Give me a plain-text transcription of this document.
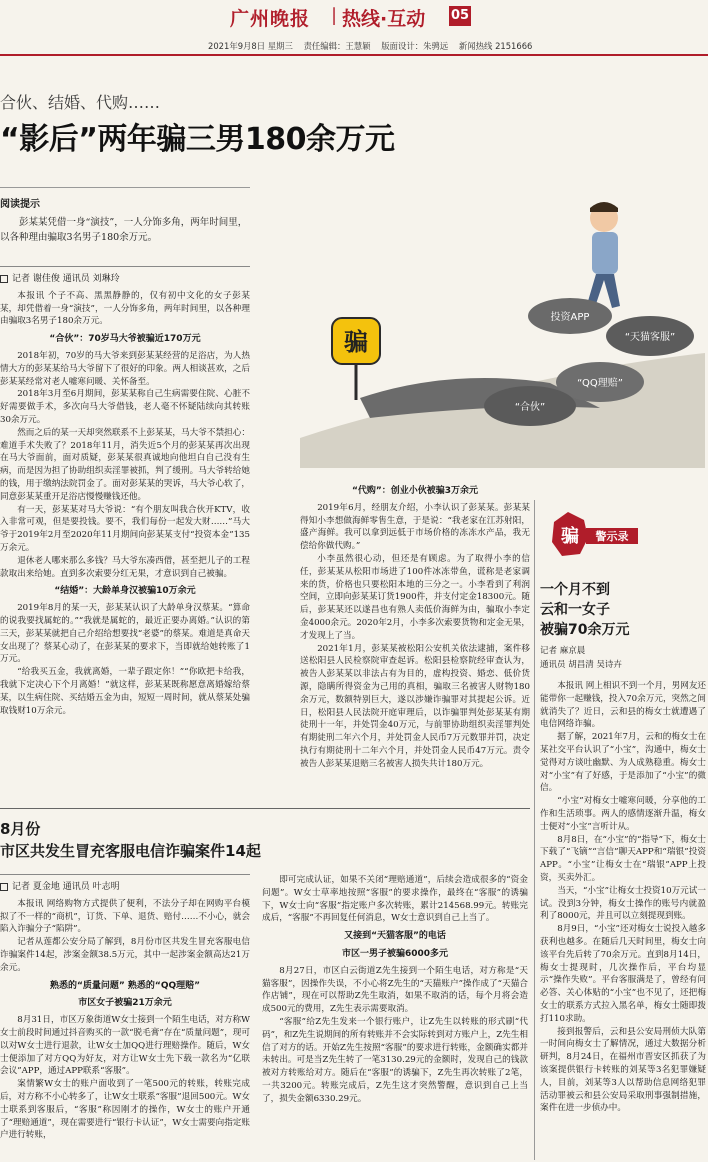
广州晚报 | 热线·互动 05
2021年9月8日 星期三 责任编辑：王慧颖 版面设计：朱骋远 新闻热线 2151666
合伙、结婚、代购……
“影后”两年骗三男180余万元
阅读提示
彭某某凭借一身“演技”，一人分饰多角，两年时间里，以各种理由骗取3名男子180余万元。
记者 谢佳俊 通讯员 刘琳玲

本报讯 个子不高、黑黑静静的，仅有初中文化的女子彭某某，却凭借着一身“演技”，一人分饰多角，两年时间里，以各种理由骗取3名男子180余万元。

“合伙”：70岁马大爷被骗近170万元

2018年初，70岁的马大爷来到彭某某经营的足浴店，为人热情大方的彭某某给马大爷留下了很好的印象。两人相谈甚欢，之后彭某某经常对老人嘘寒问暖、关怀备至。

2018年3月至6月期间，彭某某称自己生病需要住院、心脏不好需要做手术，多次向马大爷借钱，老人毫不怀疑陆续向其转账30余万元。

然而之后的某一天却突然联系不上彭某某，马大爷不禁担心：难道手术失败了？2018年11月，消失近5个月的彭某某再次出现在马大爷面前，面对质疑，彭某某很真诚地向他坦白自己没有生病，而是因为担了协助组织卖淫罪被抓，判了缓刑。马大爷转给她的钱，用于缴纳法院罚金了。面对彭某某的哭诉，马大爷心软了，同意彭某某重开足浴店慢慢赚钱还他。

有一天，彭某某对马大爷说：“有个朋友叫我合伙开KTV，收入非常可观，但是要投钱。要不，我们每份一起发大财……”马大爷于2019年2月至2020年11月期间向彭某某支付“投资本金”135万余元。

退休老人哪来那么多钱？马大爷东凑西借，甚至把儿子的工程款取出来给她。直到多次索要分红无果，才意识到自己被骗。

“结婚”：大龄单身汉被骗10万余元

2019年8月的某一天，彭某某认识了大龄单身汉蔡某。“算命的说我要找属蛇的。”“我就是属蛇的，最近正要办离婚。”认识的第三天，彭某某就把自己介绍给想要找“老婆”的蔡某。难道是真命天女出现了？蔡某心动了，在彭某某的要求下，当即就给她转账了1万元。

“给我买五金，我就离婚，一辈子跟定你！”“你欧把卡给我，我就下定决心下个月离婚！”就这样，彭某某既称愿意离婚嫁给蔡某，以生病住院、买结婚五金为由，短短一周时间，就从蔡某处骗取钱财10万余元。

骗
投资APP
“天猫客服”
“QQ理赔”
“合伙”
“代购”：创业小伙被骗3万余元

2019年6月，经朋友介绍，小李认识了彭某某。彭某某得知小李想做海鲜零售生意，于是说：“我老家在江苏射阳，盛产海鲜。我可以拿到远低于市场价格的冻冻水产品，我无偿给你做代购。”

小李虽然很心动，但还是有顾虑。为了取得小李的信任，彭某某从松阳市场进了100件冰冻带鱼，谎称是老家调来的货，价格也只要松阳本地的三分之一。小李看到了利润空间，立即向彭某某订货1900件，并支付定金18300元。随后，彭某某还以遂昌也有熟人卖低价海鲜为由，骗取小李定金4000余元。2020年2月，小李多次索要货物和定金无果，才发现上了当。

2021年1月，彭某某被松阳公安机关依法逮捕，案件移送松阳县人民检察院审查起诉。松阳县检察院经审查认为，被告人彭某某以非法占有为目的，虚构投资、婚恋、低价货源，隐瞒所得资金为己用的真相，骗取三名被害人财物180余万元，数额特别巨大，遂以涉嫌诈骗罪对其提起公诉。近日，松阳县人民法院开庭审理后，以诈骗罪判处彭某某有期徒刑十一年，并处罚金40万元，与前罪协助组织卖淫罪判处有期徒刑二年六个月，并处罚金人民币7万元数罪并罚，决定执行有期徒刑十二年六个月，并处罚金人民币47万元。责令被告人彭某某退赔三名被害人损失共计180万元。

骗 警示录
一个月不到
云和一女子
被骗70余万元
记者 麻京晨
通讯员 胡昌清 吴诗卉

本报讯 网上相识不到一个月，男网友还能带你一起赚钱，投入70余万元，突然之间就消失了？近日，云和县的梅女士就遭遇了电信网络诈骗。

据了解，2021年7月，云和的梅女士在某社交平台认识了“小宝”，沟通中，梅女士觉得对方谈吐幽默、为人成熟稳重。梅女士对“小宝”有了好感，于是添加了“小宝”的微信。

“小宝”对梅女士嘘寒问暖，分享他的工作和生活琐事。两人的感情逐渐升温，梅女士便对“小宝”言听计从。

8月8日，在“小宝”的“指导”下，梅女士下载了“飞镝”“言信”聊天APP和“瑞银”投资APP。“小宝”让梅女士在“瑞银”APP上投资，买卖外汇。

当天，“小宝”让梅女士投资10万元试一试。没到3分钟，梅女士操作的账号内就盈利了8000元，并且可以立刻提现到账。

8月9日，“小宝”还对梅女士说投入越多获利也越多。在随后几天时间里，梅女士向该平台先后转了70余万元。直到8月14日，梅女士提现时，几次操作后，平台均显示“操作失败”。平台客服满是了，曾经有问必答、关心体贴的“小宝”也不见了，还把梅女士的联系方式拉入黑名单，梅女士随即拨打110求助。

接到报警后，云和县公安局刑侦大队第一时间向梅女士了解情况，通过大数据分析研判，8月24日，在福州市晋安区抓获了为该案提供银行卡转账的刘某等3名犯罪嫌疑人，目前，刘某等3人以帮助信息网络犯罪活动罪被云和县公安局采取刑事强制措施，案件在进一步侦办中。

8月份
市区共发生冒充客服电信诈骗案件14起
记者 夏金地 通讯员 叶志明

本报讯 网络购物方式提供了便利，不法分子却在网购平台模拟了不一样的“商机”，订货、下单、退货、赔付……不小心，就会陷入诈骗分子“陷阱”。

记者从莲都公安分局了解到，8月份市区共发生冒充客服电信诈骗案件14起，涉案金额38.5万元，其中一起涉案金额高达21万余元。

熟悉的“质量问题” 熟悉的“QQ理赔”
市区女子被骗21万余元

8月31日，市区万象街道W女士接到一个陌生电话，对方称W女士前段时间通过抖音购买的一款“脱毛膏”存在“质量问题”，现可以对W女士进行退款，让W女士加QQ进行理赔操作。随后，W女士便添加了对方QQ为好友，对方让W女士先下载一款名为“亿联会议”APP，通过APP联系“客服”。

案情繁W女士的账户面收到了一笔500元的转账，转账完成后，对方称不小心转多了，让W女士联系“客服”退回500元。W女士联系到客服后，“客服”称因刚才的操作，W女士的账户开通了“理赔通道”，现在需要进行“银行卡认证”，W女士需要向指定账户进行转账，

即可完成认证，如果不关闭“理赔通道”，后续会造成很多的“资金问题”。W女士草率地按照“客服”的要求操作，最终在“客服”的诱骗下，W女士向“客服”指定账户多次转账，累计214568.99元。转账完成后，“客服”不再回复任何消息，W女士意识到自己上当了。

又接到“天猫客服”的电话
市区一男子被骗6000多元

8月27日，市区白云街道Z先生接到一个陌生电话，对方称是“天猫客服”，因操作失误，不小心将Z先生的“天猫账户”操作成了“天猫合作店铺”，现在可以帮助Z先生取消，如果不取消的话，每个月将会造成500元的费用，Z先生表示需要取消。

“客服”给Z先生发来一个银行账户，让Z先生以转账的形式刷“代码”，和Z先生说期间的所有转账并不会实际转到对方账户上，Z先生相信了对方的话。开始Z先生按照“客服”的要求进行转账，金额确实都并未转出。可是当Z先生转了一笔3130.29元的金额时，发现自己的钱款被对方转账给对方。随后在“客服”的诱骗下，Z先生再次转账了2笔，一共3200元。转账完成后，Z先生这才突然警醒，意识到自己上当了，损失金额6330.29元。
